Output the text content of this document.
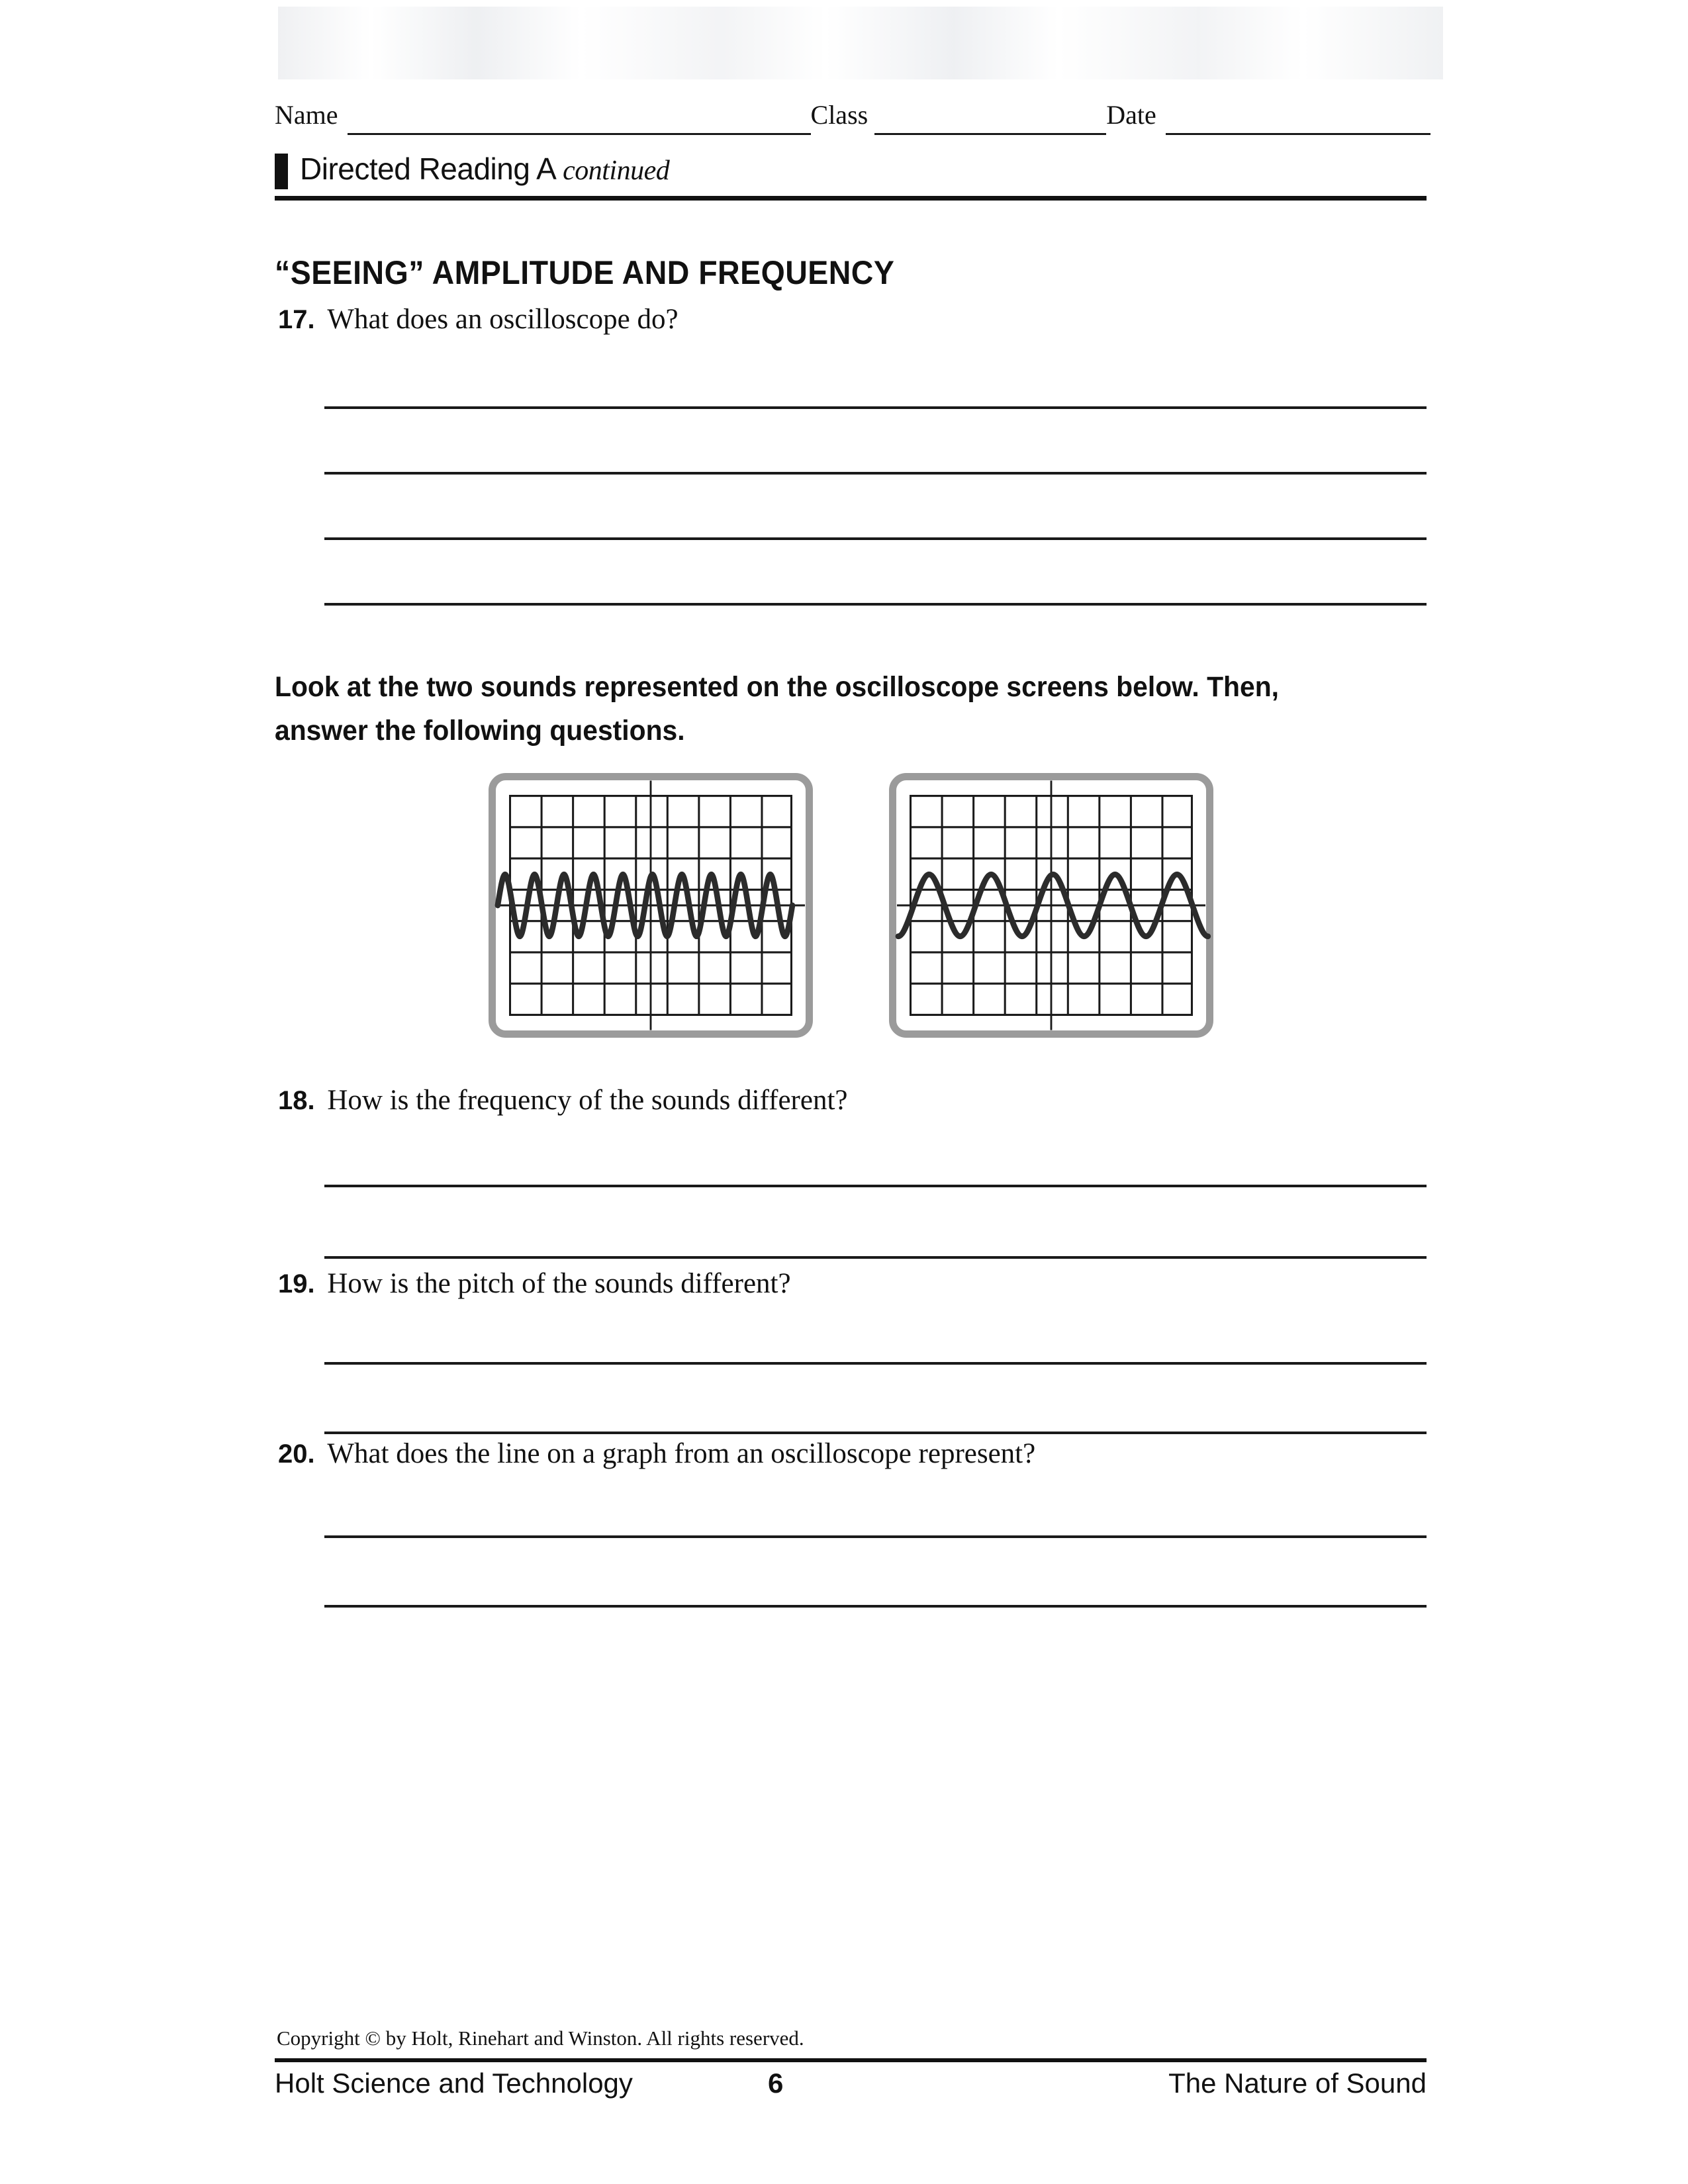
Name	Class	Date
Directed Reading A continued
“SEEING” AMPLITUDE AND FREQUENCY
17. What does an oscilloscope do?
Look at the two sounds represented on the oscilloscope screens below. Then, answer the following questions.
18. How is the frequency of the sounds different?
19. How is the pitch of the sounds different?
20. What does the line on a graph from an oscilloscope represent?
Copyright © by Holt, Rinehart and Winston. All rights reserved.
Holt Science and Technology	6	The Nature of Sound
